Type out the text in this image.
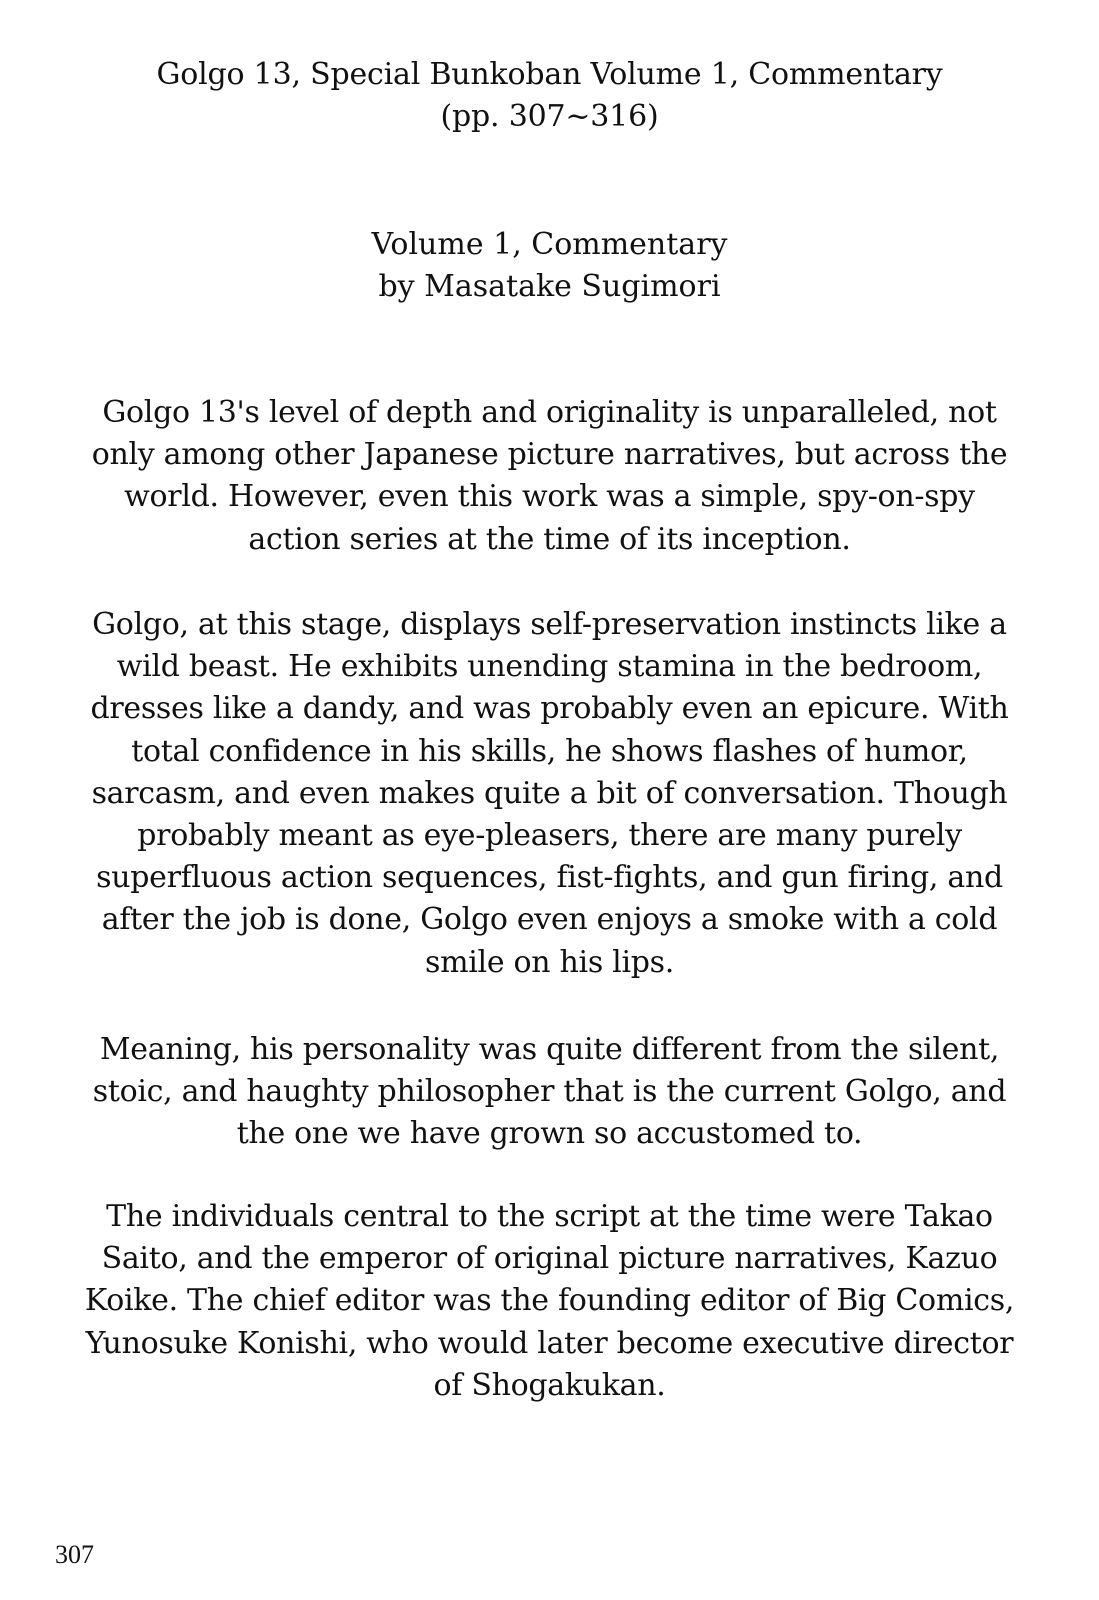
Golgo 13, Special Bunkoban Volume 1, Commentary
(pp. 307~316)
Volume 1, Commentary
by Masatake Sugimori
Golgo 13's level of depth and originality is unparalleled, not
only among other Japanese picture narratives, but across the
world. However, even this work was a simple, spy-on-spy
action series at the time of its inception.
Golgo, at this stage, displays self-preservation instincts like a
wild beast. He exhibits unending stamina in the bedroom,
dresses like a dandy, and was probably even an epicure. With
total confidence in his skills, he shows flashes of humor,
sarcasm, and even makes quite a bit of conversation. Though
probably meant as eye-pleasers, there are many purely
superfluous action sequences, fist-fights, and gun firing, and
after the job is done, Golgo even enjoys a smoke with a cold
smile on his lips.
Meaning, his personality was quite different from the silent,
stoic, and haughty philosopher that is the current Golgo, and
the one we have grown so accustomed to.
The individuals central to the script at the time were Takao
Saito, and the emperor of original picture narratives, Kazuo
Koike. The chief editor was the founding editor of Big Comics,
Yunosuke Konishi, who would later become executive director
of Shogakukan.
307
